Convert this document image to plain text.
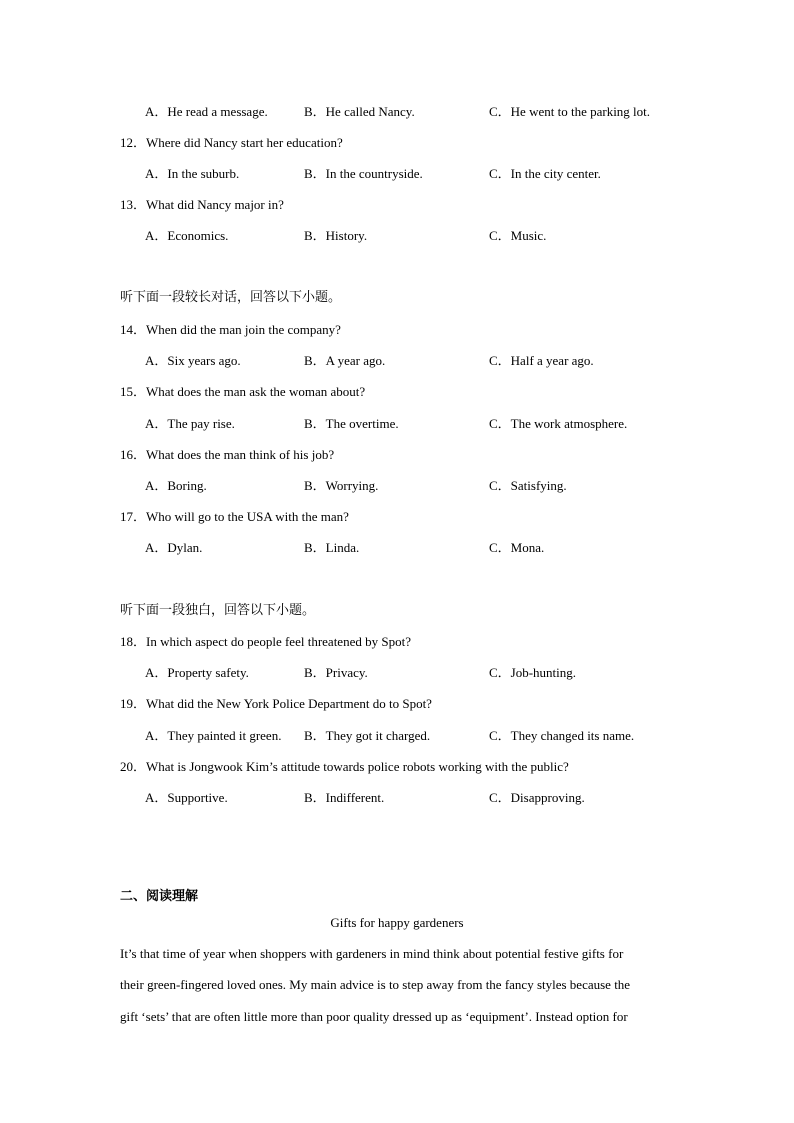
A．He read a message.	B．He called Nancy.	C．He went to the parking lot.
12．Where did Nancy start her education?
A．In the suburb.	B．In the countryside.	C．In the city center.
13．What did Nancy major in?
A．Economics.	B．History.	C．Music.
听下面一段较长对话，回答以下小题。
14．When did the man join the company?
A．Six years ago.	B．A year ago.	C．Half a year ago.
15．What does the man ask the woman about?
A．The pay rise.	B．The overtime.	C．The work atmosphere.
16．What does the man think of his job?
A．Boring.	B．Worrying.	C．Satisfying.
17．Who will go to the USA with the man?
A．Dylan.	B．Linda.	C．Mona.
听下面一段独白，回答以下小题。
18．In which aspect do people feel threatened by Spot?
A．Property safety.	B．Privacy.	C．Job-hunting.
19．What did the New York Police Department do to Spot?
A．They painted it green. B．They got it charged.	C．They changed its name.
20．What is Jongwook Kim’s attitude towards police robots working with the public?
A．Supportive.	B．Indifferent.	C．Disapproving.
二、阅读理解
Gifts for happy gardeners
It’s that time of year when shoppers with gardeners in mind think about potential festive gifts for
their green-fingered loved ones. My main advice is to step away from the fancy styles because the
gift ‘sets’ that are often little more than poor quality dressed up as ‘equipment’. Instead option for
